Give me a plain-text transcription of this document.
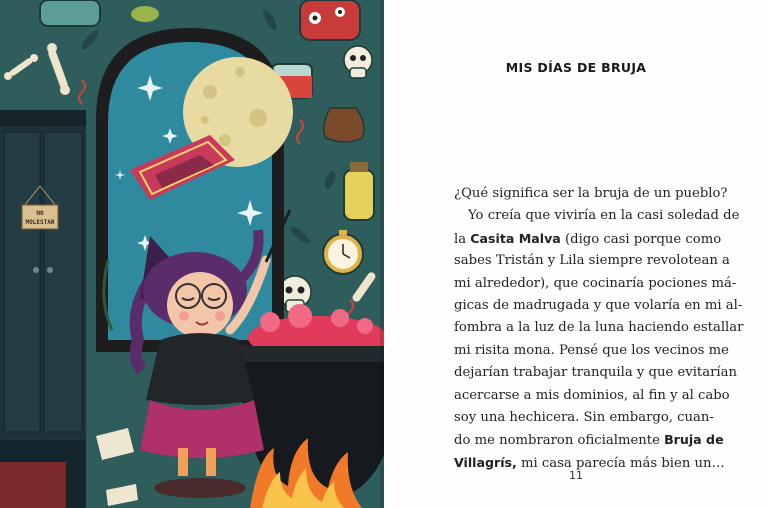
NO
MOLESTAR
MIS DÍAS DE BRUJA
¿Qué significa ser la bruja de un pueblo?
Yo creía que viviría en la casi soledad de
la Casita Malva (digo casi porque como
sabes Tristán y Lila siempre revolotean a
mi alrededor), que cocinaría pociones má-
gicas de madrugada y que volaría en mi al-
fombra a la luz de la luna haciendo estallar
mi risita mona. Pensé que los vecinos me
dejarían trabajar tranquila y que evitarían
acercarse a mis dominios, al fin y al cabo
soy una hechicera. Sin embargo, cuan-
do me nombraron oficialmente Bruja de
Villagrís, mi casa parecía más bien un…
11
